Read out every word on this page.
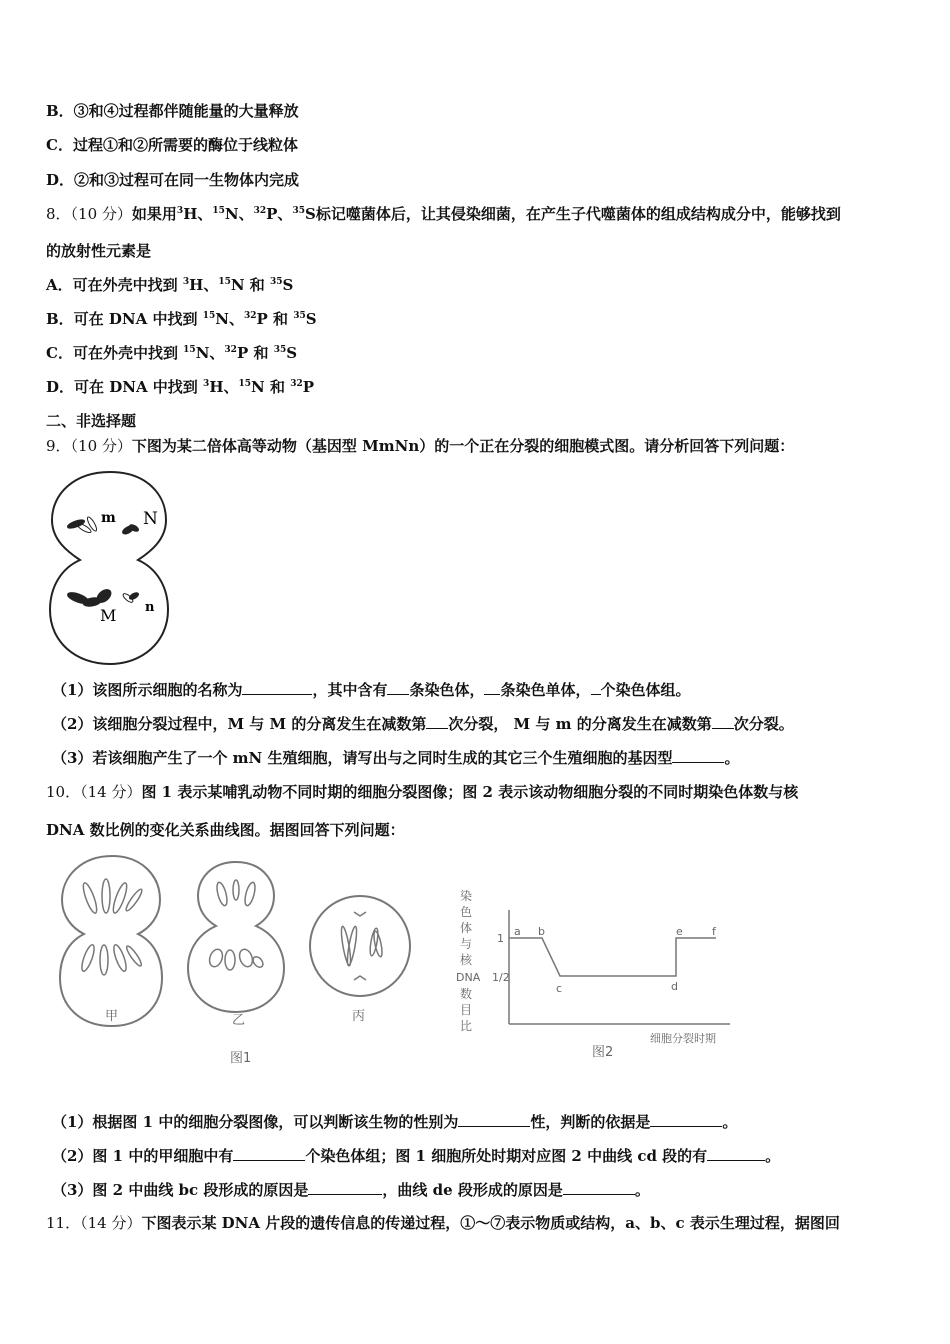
B．③和④过程都伴随能量的大量释放
C．过程①和②所需要的酶位于线粒体
D．②和③过程可在同一生物体内完成
8．（10 分）如果用$^3$H、$^{15}$N、$^{32}$P、$^{35}$S标记噬菌体后，让其侵染细菌，在产生子代噬菌体的组成结构成分中，能够找到
的放射性元素是
A．可在外壳中找到 $^3$H、$^{15}$N 和 $^{35}$S
B．可在 DNA 中找到 $^{15}$N、$^{32}$P 和 $^{35}$S
C．可在外壳中找到 $^{15}$N、$^{32}$P 和 $^{35}$S
D．可在 DNA 中找到 $^3$H、$^{15}$N 和 $^{32}$P
二、非选择题
9．（10 分）下图为某二倍体高等动物（基因型 MmNn）的一个正在分裂的细胞模式图。请分析回答下列问题：
m N
M n
（1）该图所示细胞的名称为	，其中含有 条染色体， 条染色单体， 个染色体组。
（2）该细胞分裂过程中，M 与 M 的分离发生在减数第 次分裂， M 与 m 的分离发生在减数第 次分裂。
（3）若该细胞产生了一个 mN 生殖细胞，请写出与之同时生成的其它三个生殖细胞的基因型	。
10．（14 分）图 1 表示某哺乳动物不同时期的细胞分裂图像；图 2 表示该动物细胞分裂的不同时期染色体数与核
DNA 数比例的变化关系曲线图。据图回答下列问题：
甲	乙	丙
图1
染
色
体
与
核
DNA
数
目
比
1
1/2
a b
c	d
e	f
细胞分裂时期
图2
（1）根据图 1 中的细胞分裂图像，可以判断该生物的性别为	性，判断的依据是	。
（2）图 1 中的甲细胞中有	个染色体组；图 1 细胞所处时期对应图 2 中曲线 cd 段的有	。
（3）图 2 中曲线 bc 段形成的原因是	，曲线 de 段形成的原因是	。
11．（14 分）下图表示某 DNA 片段的遗传信息的传递过程，①～⑦表示物质或结构，a、b、c 表示生理过程，据图回
